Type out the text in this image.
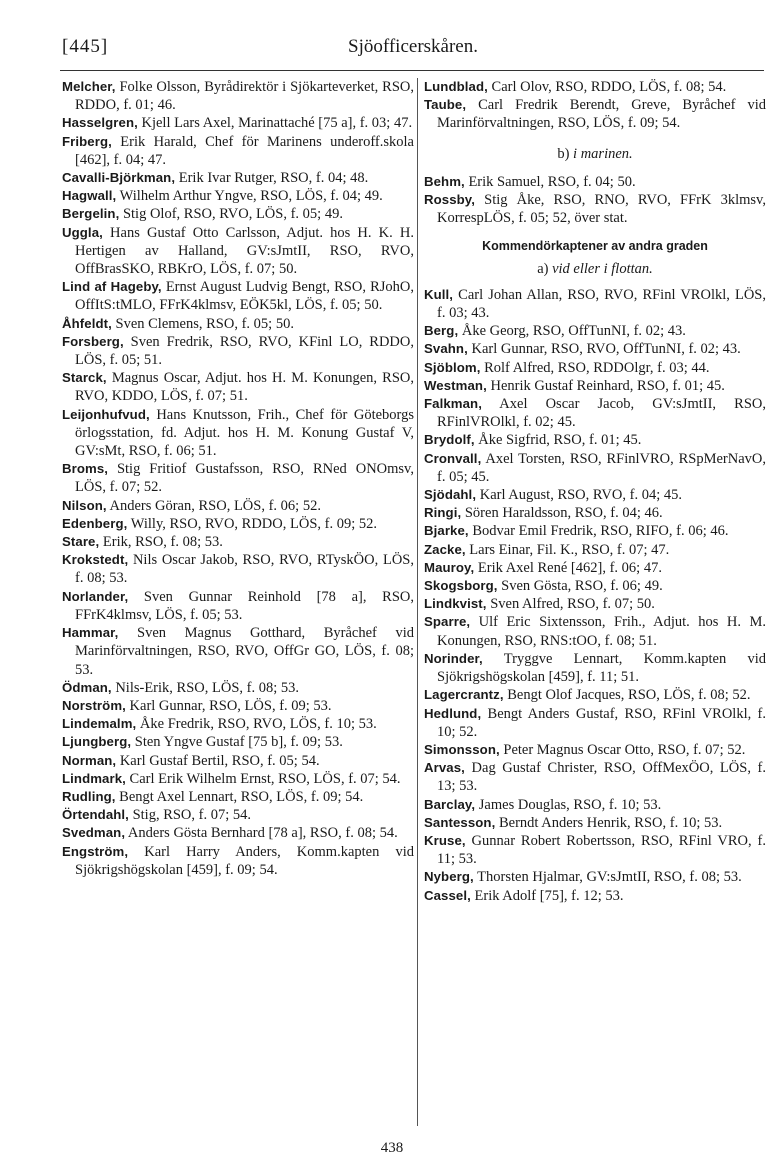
Sjöofficerskåren.
[445]

Melcher, Folke Olsson, Byrådirektör i Sjökarteverket, RSO, RDDO, f. 01; 46.

Hasselgren, Kjell Lars Axel, Marinattaché [75 a], f. 03; 47.

Friberg, Erik Harald, Chef för Marinens underoff.skola [462], f. 04; 47.

Cavalli-Björkman, Erik Ivar Rutger, RSO, f. 04; 48.

Hagwall, Wilhelm Arthur Yngve, RSO, LÖS, f. 04; 49.

Bergelin, Stig Olof, RSO, RVO, LÖS, f. 05; 49.

Uggla, Hans Gustaf Otto Carlsson, Adjut. hos H. K. H. Hertigen av Halland, GV:sJmtII, RSO, RVO, OffBrasSKO, RBKrO, LÖS, f. 07; 50.

Lind af Hageby, Ernst August Ludvig Bengt, RSO, RJohO, OffItS:tMLO, FFrK4klmsv, EÖK5kl, LÖS, f. 05; 50.

Åhfeldt, Sven Clemens, RSO, f. 05; 50.

Forsberg, Sven Fredrik, RSO, RVO, KFinl LO, RDDO, LÖS, f. 05; 51.

Starck, Magnus Oscar, Adjut. hos H. M. Konungen, RSO, RVO, KDDO, LÖS, f. 07; 51.

Leijonhufvud, Hans Knutsson, Frih., Chef för Göteborgs örlogsstation, fd. Adjut. hos H. M. Konung Gustaf V, GV:sMt, RSO, f. 06; 51.

Broms, Stig Fritiof Gustafsson, RSO, RNed ONOmsv, LÖS, f. 07; 52.

Nilson, Anders Göran, RSO, LÖS, f. 06; 52.

Edenberg, Willy, RSO, RVO, RDDO, LÖS, f. 09; 52.

Stare, Erik, RSO, f. 08; 53.

Krokstedt, Nils Oscar Jakob, RSO, RVO, RTyskÖO, LÖS, f. 08; 53.

Norlander, Sven Gunnar Reinhold [78 a], RSO, FFrK4klmsv, LÖS, f. 05; 53.

Hammar, Sven Magnus Gotthard, Byråchef vid Marinförvaltningen, RSO, RVO, OffGr GO, LÖS, f. 08; 53.

Ödman, Nils-Erik, RSO, LÖS, f. 08; 53.

Norström, Karl Gunnar, RSO, LÖS, f. 09; 53.

Lindemalm, Åke Fredrik, RSO, RVO, LÖS, f. 10; 53.

Ljungberg, Sten Yngve Gustaf [75 b], f. 09; 53.

Norman, Karl Gustaf Bertil, RSO, f. 05; 54.

Lindmark, Carl Erik Wilhelm Ernst, RSO, LÖS, f. 07; 54.

Rudling, Bengt Axel Lennart, RSO, LÖS, f. 09; 54.

Örtendahl, Stig, RSO, f. 07; 54.

Svedman, Anders Gösta Bernhard [78 a], RSO, f. 08; 54.

Engström, Karl Harry Anders, Komm.kapten vid Sjökrigshögskolan [459], f. 09; 54.

Lundblad, Carl Olov, RSO, RDDO, LÖS, f. 08; 54.

Taube, Carl Fredrik Berendt, Greve, Byråchef vid Marinförvaltningen, RSO, LÖS, f. 09; 54.

b) i marinen.

Behm, Erik Samuel, RSO, f. 04; 50.

Rossby, Stig Åke, RSO, RNO, RVO, FFrK 3klmsv, KorrespLÖS, f. 05; 52, över stat.

Kommendörkaptener av andra graden
a) vid eller i flottan.

Kull, Carl Johan Allan, RSO, RVO, RFinl VROlkl, LÖS, f. 03; 43.

Berg, Åke Georg, RSO, OffTunNI, f. 02; 43.

Svahn, Karl Gunnar, RSO, RVO, OffTunNI, f. 02; 43.

Sjöblom, Rolf Alfred, RSO, RDDOlgr, f. 03; 44.

Westman, Henrik Gustaf Reinhard, RSO, f. 01; 45.

Falkman, Axel Oscar Jacob, GV:sJmtII, RSO, RFinlVROlkl, f. 02; 45.

Brydolf, Åke Sigfrid, RSO, f. 01; 45.

Cronvall, Axel Torsten, RSO, RFinlVRO, RSpMerNavO, f. 05; 45.

Sjödahl, Karl August, RSO, RVO, f. 04; 45.

Ringi, Sören Haraldsson, RSO, f. 04; 46.

Bjarke, Bodvar Emil Fredrik, RSO, RIFO, f. 06; 46.

Zacke, Lars Einar, Fil. K., RSO, f. 07; 47.

Mauroy, Erik Axel René [462], f. 06; 47.

Skogsborg, Sven Gösta, RSO, f. 06; 49.

Lindkvist, Sven Alfred, RSO, f. 07; 50.

Sparre, Ulf Eric Sixtensson, Frih., Adjut. hos H. M. Konungen, RSO, RNS:tOO, f. 08; 51.

Norinder, Tryggve Lennart, Komm.kapten vid Sjökrigshögskolan [459], f. 11; 51.

Lagercrantz, Bengt Olof Jacques, RSO, LÖS, f. 08; 52.

Hedlund, Bengt Anders Gustaf, RSO, RFinl VROlkl, f. 10; 52.

Simonsson, Peter Magnus Oscar Otto, RSO, f. 07; 52.

Arvas, Dag Gustaf Christer, RSO, OffMexÖO, LÖS, f. 13; 53.

Barclay, James Douglas, RSO, f. 10; 53.

Santesson, Berndt Anders Henrik, RSO, f. 10; 53.

Kruse, Gunnar Robert Robertsson, RSO, RFinl VRO, f. 11; 53.

Nyberg, Thorsten Hjalmar, GV:sJmtII, RSO, f. 08; 53.

Cassel, Erik Adolf [75], f. 12; 53.

438
